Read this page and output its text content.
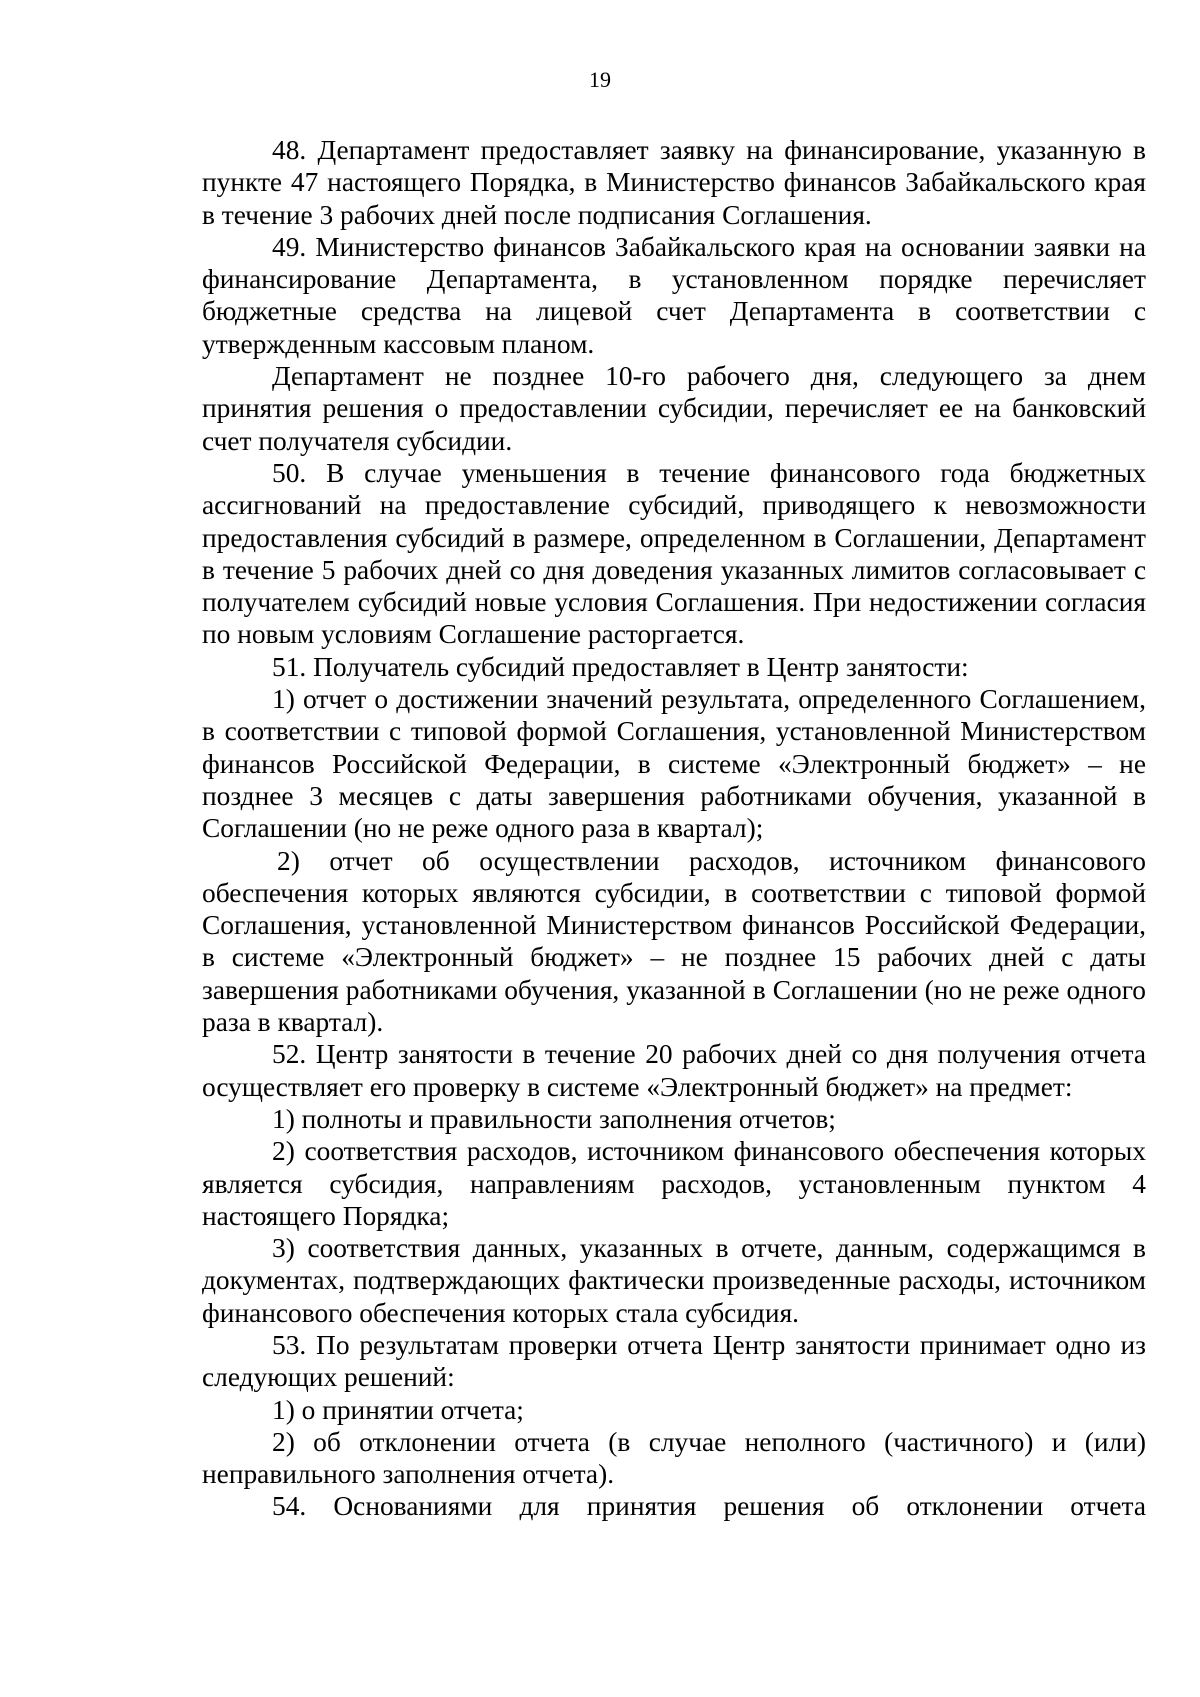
19

48. Департамент предоставляет заявку на финансирование, указанную в пункте 47 настоящего Порядка, в Министерство финансов Забайкальского края в течение 3 рабочих дней после подписания Соглашения.

49. Министерство финансов Забайкальского края на основании заявки на финансирование Департамента, в установленном порядке перечисляет бюджетные средства на лицевой счет Департамента в соответствии с утвержденным кассовым планом.

Департамент не позднее 10-го рабочего дня, следующего за днем принятия решения о предоставлении субсидии, перечисляет ее на банковский счет получателя субсидии.

50. В случае уменьшения в течение финансового года бюджетных ассигнований на предоставление субсидий, приводящего к невозможности предоставления субсидий в размере, определенном в Соглашении, Департамент в течение 5 рабочих дней со дня доведения указанных лимитов согласовывает с получателем субсидий новые условия Соглашения. При недостижении согласия по новым условиям Соглашение расторгается.

51. Получатель субсидий предоставляет в Центр занятости:

1) отчет о достижении значений результата, определенного Соглашением, в соответствии с типовой формой Соглашения, установленной Министерством финансов Российской Федерации, в системе «Электронный бюджет» – не позднее 3 месяцев с даты завершения работниками обучения, указанной в Соглашении (но не реже одного раза в квартал);

2) отчет об осуществлении расходов, источником финансового обеспечения которых являются субсидии, в соответствии с типовой формой Соглашения, установленной Министерством финансов Российской Федерации, в системе «Электронный бюджет» – не позднее 15 рабочих дней с даты завершения работниками обучения, указанной в Соглашении (но не реже одного раза в квартал).

52. Центр занятости в течение 20 рабочих дней со дня получения отчета осуществляет его проверку в системе «Электронный бюджет» на предмет:

1) полноты и правильности заполнения отчетов;

2) соответствия расходов, источником финансового обеспечения которых является субсидия, направлениям расходов, установленным пунктом 4 настоящего Порядка;

3) соответствия данных, указанных в отчете, данным, содержащимся в документах, подтверждающих фактически произведенные расходы, источником финансового обеспечения которых стала субсидия.

53. По результатам проверки отчета Центр занятости принимает одно из следующих решений:

1) о принятии отчета;

2) об отклонении отчета (в случае неполного (частичного) и (или) неправильного заполнения отчета).

54. Основаниями для принятия решения об отклонении отчета
